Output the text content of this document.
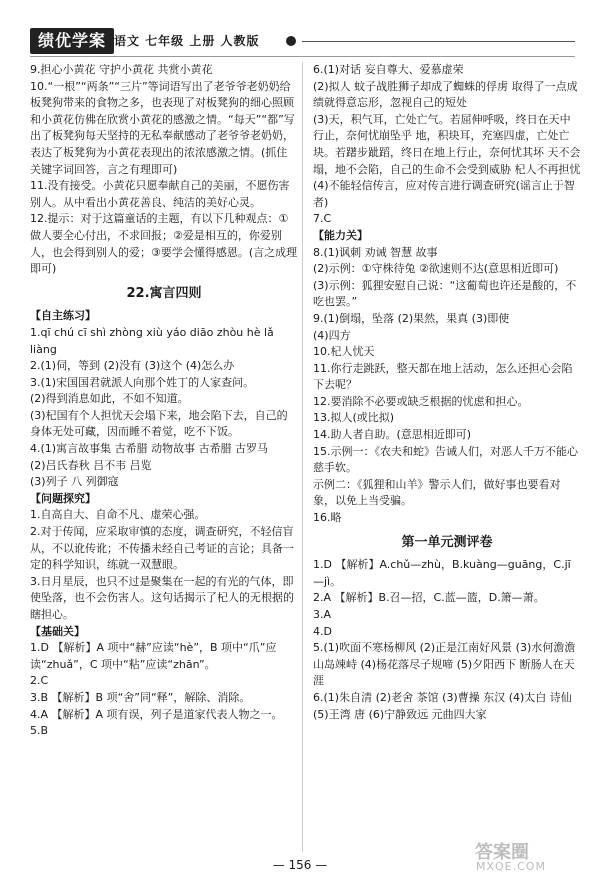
绩优学案 语文 七年级 上册 人教版

9.担心小黄花 守护小黄花 共赏小黄花

10.“一根”“两条”“三片”等词语写出了老爷爷老奶奶给板凳狗带来的食物之多，也表现了对板凳狗的细心照顾和小黄花仿佛在欣赏小黄花的感激之情。“每天”“都”写出了板凳狗每天坚持的无私奉献感动了老爷爷老奶奶，表达了板凳狗为小黄花表现出的浓浓感激之情。(抓住关键字词回答，言之有理即可)

11.没有接受。小黄花只愿奉献自己的美丽，不愿伤害别人。从中看出小黄花善良、纯洁的美好心灵。

12.提示：对于这篇童话的主题，有以下几种观点：①做人要全心付出，不求回报；②爱是相互的，你爱别人，也会得到别人的爱；③要学会懂得感恩。(言之成理即可)

22.寓言四则

【自主练习】

1.qī chú cī shì zhòng xiù yáo diāo zhòu hè lǎ liàng

2.(1)伺，等到 (2)没有 (3)这个 (4)怎么办

3.(1)宋国国君就派人向那个姓丁的人家查问。

(2)得到消息如此，不如不知道。

(3)杞国有个人担忧天会塌下来，地会陷下去，自己的身体无处可藏，因而睡不着觉，吃不下饭。

4.(1)寓言故事集 古希腊 动物故事 古希腊 古罗马

(2)吕氏春秋 吕不韦 吕览

(3)列子 八 列御寇

【问题探究】

1.自高自大、自命不凡、虚荣心强。

2.对于传闻，应采取审慎的态度，调查研究，不轻信盲从，不以讹传讹；不传播未经自己考证的言论；具备一定的科学知识，练就一双慧眼。

3.日月星辰，也只不过是聚集在一起的有光的气体，即使坠落，也不会伤害人。这句话揭示了杞人的无根据的瞎担心。

【基础关】

1.D 【解析】A 项中“赫”应读“hè”，B 项中“爪”应读“zhuǎ”，C 项中“粘”应读“zhān”。

2.C

3.B 【解析】B 项“舍”同“释”，解除、消除。

4.A 【解析】A 项有误，列子是道家代表人物之一。

5.B

6.(1)对话 妄自尊大、爱慕虚荣

(2)拟人 蚊子战胜狮子却成了蜘蛛的俘虏 取得了一点成绩就得意忘形，忽视自己的短处

(3)天，积气耳，亡处亡气。若屈伸呼吸，终日在天中行止，奈何忧崩坠乎 地，积块耳，充塞四虚，亡处亡块。若躇步跐蹈，终日在地上行止，奈何忧其坏 天不会塌，地不会陷，自己的生命不会受到威胁 杞人不再担忧

(4)不能轻信传言，应对传言进行调查研究(谣言止于智者)

7.C

【能力关】

8.(1)讽刺 劝诫 智慧 故事

(2)示例：①守株待兔 ②欲速则不达(意思相近即可)

(3)示例：狐狸安慰自己说：“这葡萄也许还是酸的，不吃也罢。”

9.(1)倒塌，坠落 (2)果然，果真 (3)即使

(4)四方

10.杞人忧天

11.你行走跳跃，整天都在地上活动，怎么还担心会陷下去呢？

12.要消除不必要或缺乏根据的忧虑和担心。

13.拟人(或比拟)

14.助人者自助。(意思相近即可)

15.示例一：《农夫和蛇》告诫人们，对恶人千万不能心慈手软。

示例二：《狐狸和山羊》警示人们，做好事也要看对象，以免上当受骗。

16.略

第一单元测评卷

1.D 【解析】A.chǔ—zhù，B.kuàng—guāng，C.jī—jì。

2.A 【解析】B.召—招，C.蓝—篮，D.箫—萧。

3.A

4.D

5.(1)吹面不寒杨柳风 (2)正是江南好风景 (3)水何澹澹 山岛竦峙 (4)杨花落尽子规啼 (5)夕阳西下 断肠人在天涯

6.(1)朱自清 (2)老舍 茶馆 (3)曹操 东汉 (4)太白 诗仙 (5)王湾 唐 (6)宁静致远 元曲四大家

— 156 —
答案圈
MXQE.COM
